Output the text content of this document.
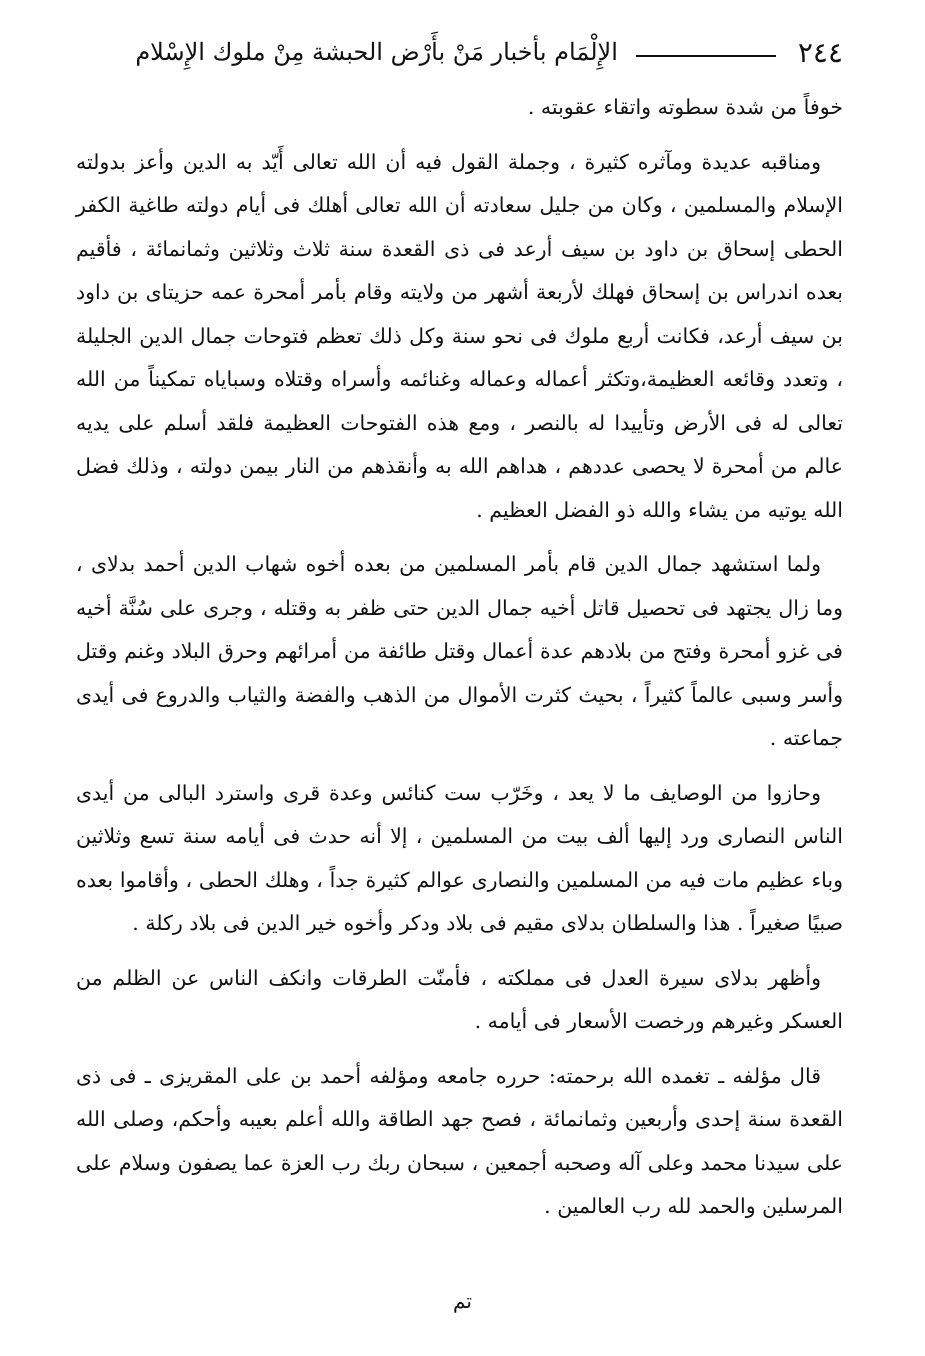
٢٤٤
الإِلْمَام بأخبار مَنْ بأَرْض الحبشة مِنْ ملوك الإِسْلام

خوفاً من شدة سطوته واتقاء عقوبته .

ومناقبه عديدة ومآثره كثيرة ، وجملة القول فيه أن الله تعالى أَيّد به الدين وأعز بدولته الإسلام والمسلمين ، وكان من جليل سعادته أن الله تعالى أهلك فى أيام دولته طاغية الكفر الحطى إسحاق بن داود بن سيف أرعد فى ذى القعدة سنة ثلاث وثلاثين وثمانمائة ، فأقيم بعده اندراس بن إسحاق فهلك لأربعة أشهر من ولايته وقام بأمر أمحرة عمه حزيتاى بن داود بن سيف أرعد، فكانت أربع ملوك فى نحو سنة وكل ذلك تعظم فتوحات جمال الدين الجليلة ، وتعدد وقائعه العظيمة،وتكثر أعماله وعماله وغنائمه وأسراه وقتلاه وسباياه تمكيناً من الله تعالى له فى الأرض وتأييدا له بالنصر ، ومع هذه الفتوحات العظيمة فلقد أسلم على يديه عالم من أمحرة لا يحصى عددهم ، هداهم الله به وأنقذهم من النار بيمن دولته ، وذلك فضل الله يوتيه من يشاء والله ذو الفضل العظيم .

ولما استشهد جمال الدين قام بأمر المسلمين من بعده أخوه شهاب الدين أحمد بدلاى ، وما زال يجتهد فى تحصيل قاتل أخيه جمال الدين حتى ظفر به وقتله ، وجرى على سُنَّة أخيه فى غزو أمحرة وفتح من بلادهم عدة أعمال وقتل طائفة من أمرائهم وحرق البلاد وغنم وقتل وأسر وسبى عالماً كثيراً ، بحيث كثرت الأموال من الذهب والفضة والثياب والدروع فى أيدى جماعته .

وحازوا من الوصايف ما لا يعد ، وخَرّب ست كنائس وعدة قرى واسترد البالى من أيدى الناس النصارى ورد إليها ألف بيت من المسلمين ، إلا أنه حدث فى أيامه سنة تسع وثلاثين وباء عظيم مات فيه من المسلمين والنصارى عوالم كثيرة جداً ، وهلك الحطى ، وأقاموا بعده صبيًا صغيراً . هذا والسلطان بدلاى مقيم فى بلاد ودكر وأخوه خير الدين فى بلاد ركلة .

وأظهر بدلاى سيرة العدل فى مملكته ، فأمنّت الطرقات وانكف الناس عن الظلم من العسكر وغيرهم ورخصت الأسعار فى أيامه .

قال مؤلفه ـ تغمده الله برحمته: حرره جامعه ومؤلفه أحمد بن على المقريزى ـ فى ذى القعدة سنة إحدى وأربعين وثمانمائة ، فصح جهد الطاقة والله أعلم بعيبه وأحكم، وصلى الله على سيدنا محمد وعلى آله وصحبه أجمعين ، سبحان ربك رب العزة عما يصفون وسلام على المرسلين والحمد لله رب العالمين .

تم
